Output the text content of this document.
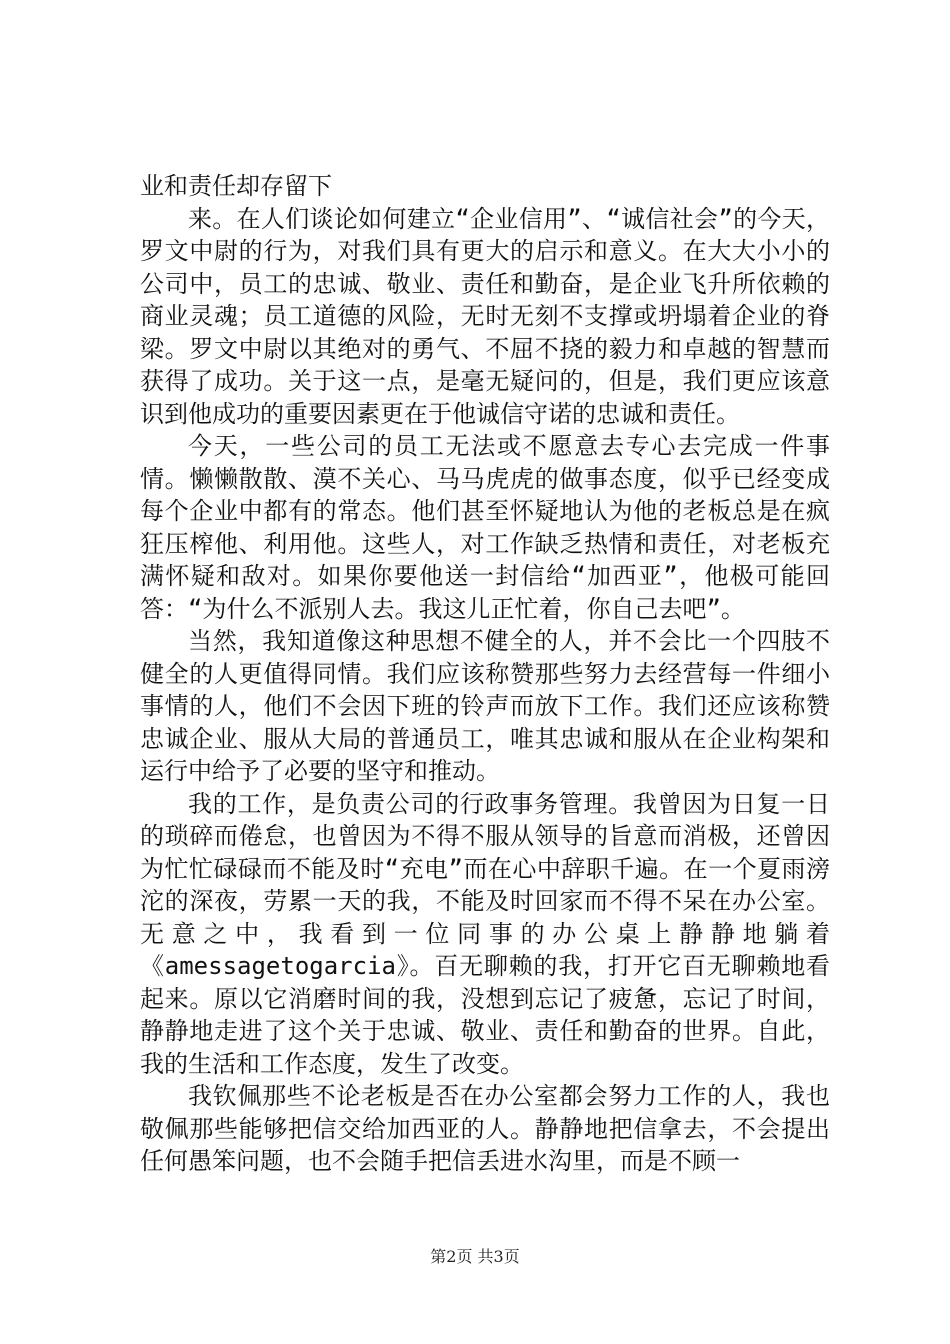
业和责任却存留下

来。在人们谈论如何建立“企业信用”、“诚信社会”的今天，罗文中尉的行为，对我们具有更大的启示和意义。在大大小小的公司中，员工的忠诚、敬业、责任和勤奋，是企业飞升所依赖的商业灵魂；员工道德的风险，无时无刻不支撑或坍塌着企业的脊梁。罗文中尉以其绝对的勇气、不屈不挠的毅力和卓越的智慧而获得了成功。关于这一点，是毫无疑问的，但是，我们更应该意识到他成功的重要因素更在于他诚信守诺的忠诚和责任。

今天，一些公司的员工无法或不愿意去专心去完成一件事情。懒懒散散、漠不关心、马马虎虎的做事态度，似乎已经变成每个企业中都有的常态。他们甚至怀疑地认为他的老板总是在疯狂压榨他、利用他。这些人，对工作缺乏热情和责任，对老板充满怀疑和敌对。如果你要他送一封信给“加西亚”，他极可能回答：“为什么不派别人去。我这儿正忙着，你自己去吧”。

当然，我知道像这种思想不健全的人，并不会比一个四肢不健全的人更值得同情。我们应该称赞那些努力去经营每一件细小事情的人，他们不会因下班的铃声而放下工作。我们还应该称赞忠诚企业、服从大局的普通员工，唯其忠诚和服从在企业构架和运行中给予了必要的坚守和推动。

我的工作，是负责公司的行政事务管理。我曾因为日复一日的琐碎而倦怠，也曾因为不得不服从领导的旨意而消极，还曾因为忙忙碌碌而不能及时“充电”而在心中辞职千遍。在一个夏雨滂沱的深夜，劳累一天的我，不能及时回家而不得不呆在办公室。无意之中，我看到一位同事的办公桌上静静地躺着《amessagetogarcia》。百无聊赖的我，打开它百无聊赖地看起来。原以它消磨时间的我，没想到忘记了疲惫，忘记了时间，静静地走进了这个关于忠诚、敬业、责任和勤奋的世界。自此，我的生活和工作态度，发生了改变。

我钦佩那些不论老板是否在办公室都会努力工作的人，我也敬佩那些能够把信交给加西亚的人。静静地把信拿去，不会提出任何愚笨问题，也不会随手把信丢进水沟里，而是不顾一

第2页 共3页
